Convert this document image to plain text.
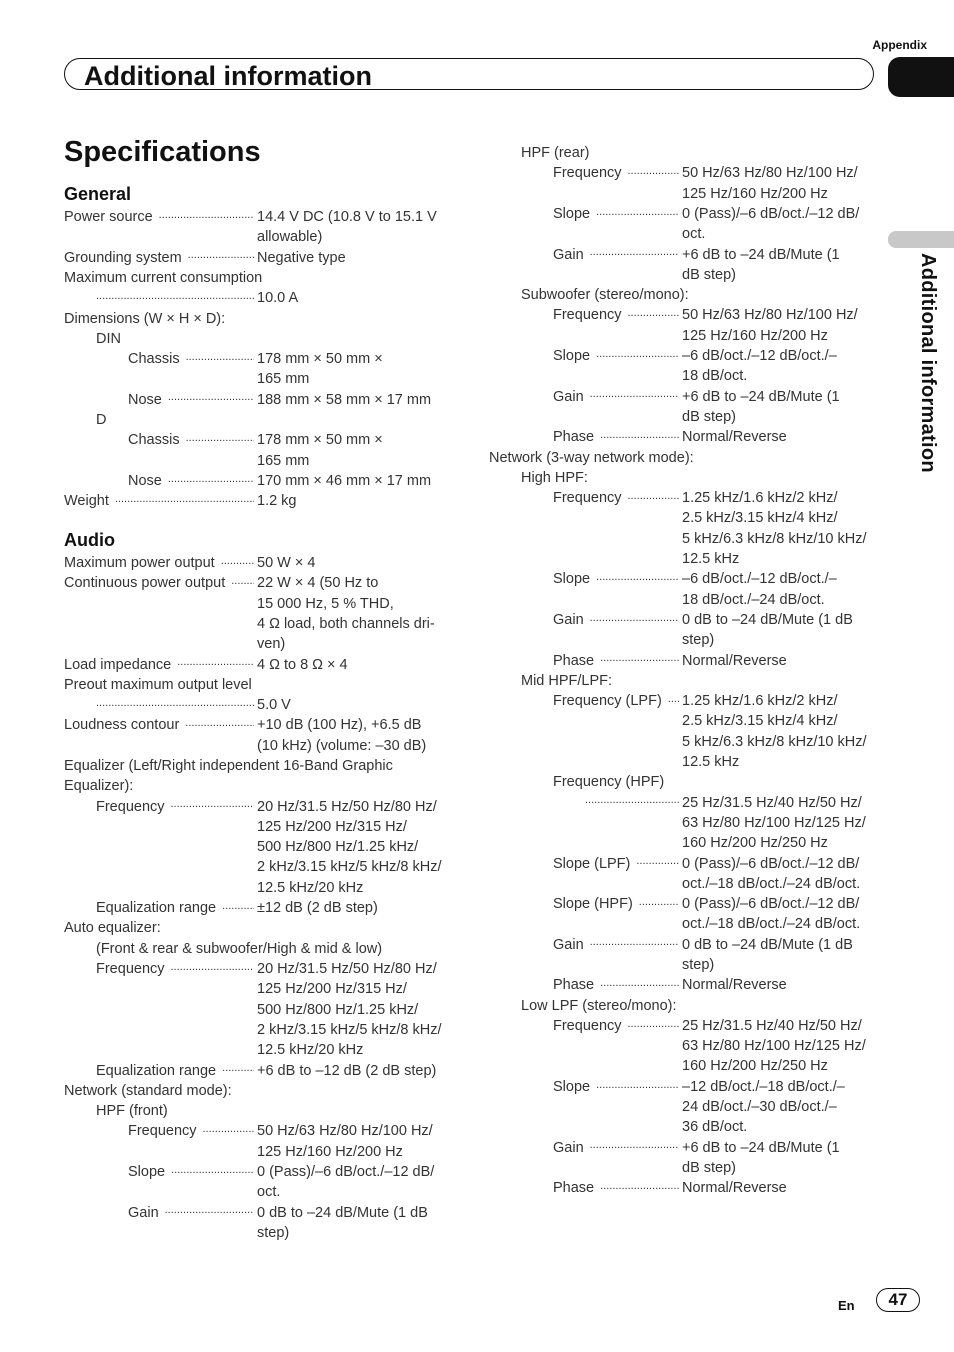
Appendix
Additional information
Additional information
Specifications
General
Audio
Power source .....	14.4 V DC (10.8 V to 15.1 V
allowable)
Grounding system .....	Negative type
Maximum current consumption
.....
10.0 A
Dimensions (W × H × D):
DIN
Chassis .....	178 mm × 50 mm ×
165 mm
Nose .....	188 mm × 58 mm × 17 mm
D
Chassis .....	178 mm × 50 mm ×
165 mm
Nose .....	170 mm × 46 mm × 17 mm
Weight .....	1.2 kg
Maximum power output .....	50 W × 4
Continuous power output ..... 22 W × 4 (50 Hz to
15 000 Hz, 5 % THD,
4 Ω load, both channels dri-
ven)
Load impedance .....	4 Ω to 8 Ω × 4
Preout maximum output level
.....
5.0 V
Loudness contour .....	+10 dB (100 Hz), +6.5 dB
(10 kHz) (volume: –30 dB)
Equalizer (Left/Right independent 16-Band Graphic
Equalizer):
Frequency .....	20 Hz/31.5 Hz/50 Hz/80 Hz/
125 Hz/200 Hz/315 Hz/
500 Hz/800 Hz/1.25 kHz/
2 kHz/3.15 kHz/5 kHz/8 kHz/
12.5 kHz/20 kHz
Equalization range .....	±12 dB (2 dB step)
Auto equalizer:
(Front & rear & subwoofer/High & mid & low)
Frequency .....	20 Hz/31.5 Hz/50 Hz/80 Hz/
125 Hz/200 Hz/315 Hz/
500 Hz/800 Hz/1.25 kHz/
2 kHz/3.15 kHz/5 kHz/8 kHz/
12.5 kHz/20 kHz
Equalization range .....	+6 dB to –12 dB (2 dB step)
Network (standard mode):
HPF (front)
Frequency .....	50 Hz/63 Hz/80 Hz/100 Hz/
125 Hz/160 Hz/200 Hz
Slope .....	0 (Pass)/–6 dB/oct./–12 dB/
oct.
Gain .....	0 dB to –24 dB/Mute (1 dB
step)
HPF (rear)
Frequency .....	50 Hz/63 Hz/80 Hz/100 Hz/
125 Hz/160 Hz/200 Hz
Slope .....	0 (Pass)/–6 dB/oct./–12 dB/
oct.
Gain .....	+6 dB to –24 dB/Mute (1
dB step)
Subwoofer (stereo/mono):
Frequency .....	50 Hz/63 Hz/80 Hz/100 Hz/
125 Hz/160 Hz/200 Hz
Slope .....	–6 dB/oct./–12 dB/oct./–
18 dB/oct.
Gain .....	+6 dB to –24 dB/Mute (1
dB step)
Phase .....	Normal/Reverse
Network (3-way network mode):
High HPF:
Frequency .....	1.25 kHz/1.6 kHz/2 kHz/
2.5 kHz/3.15 kHz/4 kHz/
5 kHz/6.3 kHz/8 kHz/10 kHz/
12.5 kHz
Slope .....	–6 dB/oct./–12 dB/oct./–
18 dB/oct./–24 dB/oct.
Gain .....	0 dB to –24 dB/Mute (1 dB
step)
Phase .....	Normal/Reverse
Mid HPF/LPF:
Frequency (LPF) ..... 1.25 kHz/1.6 kHz/2 kHz/
2.5 kHz/3.15 kHz/4 kHz/
5 kHz/6.3 kHz/8 kHz/10 kHz/
12.5 kHz
Frequency (HPF)
.....
25 Hz/31.5 Hz/40 Hz/50 Hz/
63 Hz/80 Hz/100 Hz/125 Hz/
160 Hz/200 Hz/250 Hz
Slope (LPF) .....	0 (Pass)/–6 dB/oct./–12 dB/
oct./–18 dB/oct./–24 dB/oct.
Slope (HPF) .....	0 (Pass)/–6 dB/oct./–12 dB/
oct./–18 dB/oct./–24 dB/oct.
Gain .....	0 dB to –24 dB/Mute (1 dB
step)
Phase .....	Normal/Reverse
Low LPF (stereo/mono):
Frequency .....	25 Hz/31.5 Hz/40 Hz/50 Hz/
63 Hz/80 Hz/100 Hz/125 Hz/
160 Hz/200 Hz/250 Hz
Slope .....	–12 dB/oct./–18 dB/oct./–
24 dB/oct./–30 dB/oct./–
36 dB/oct.
Gain .....	+6 dB to –24 dB/Mute (1
dB step)
Phase .....	Normal/Reverse
En	47
